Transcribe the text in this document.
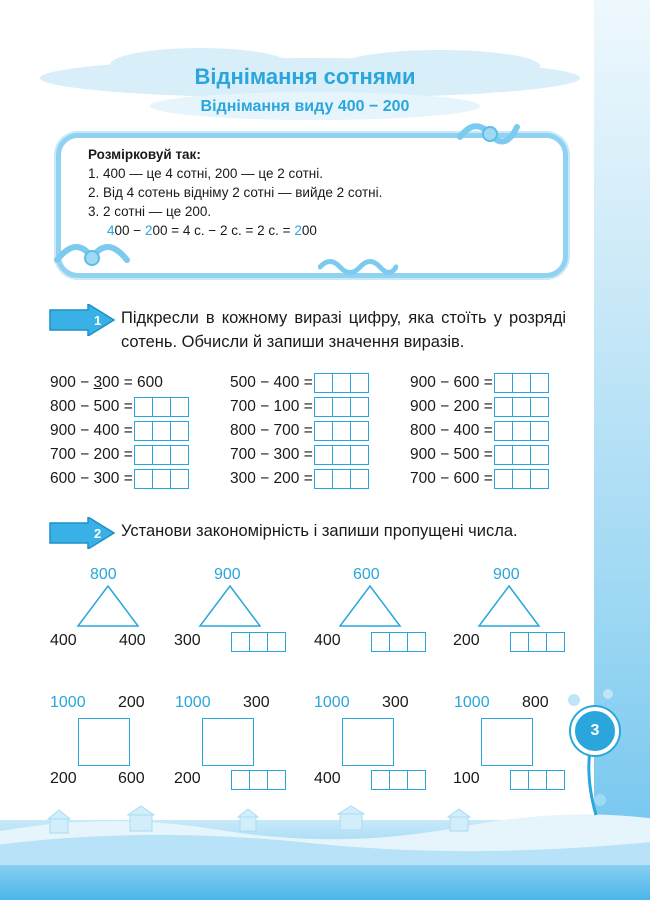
Віднімання сотнями
Віднімання виду 400 − 200
Розмірковуй так:
1. 400 — це 4 сотні, 200 — це 2 сотні.
2. Від 4 сотень відніму 2 сотні — вийде 2 сотні.
3. 2 сотні — це 200.
400 − 200 = 4 с. − 2 с. = 2 с. = 200
1 Підкресли в кожному виразі цифру, яка стоїть у розряді сотень. Обчисли й запиши значення виразів.
900 − 300 = 600	500 − 400 =	900 − 600 =
800 − 500 =	700 − 100 =	900 − 200 =
900 − 400 =	800 − 700 =	800 − 400 =
700 − 200 =	700 − 300 =	900 − 500 =
600 − 300 =	300 − 200 =	700 − 600 =
2 Установи закономірність і запиши пропущені числа.
800
400	400
900
300
600
400
900
200
1000 200
200	600
1000 300
200
1000 300
400
1000 800
100
3
